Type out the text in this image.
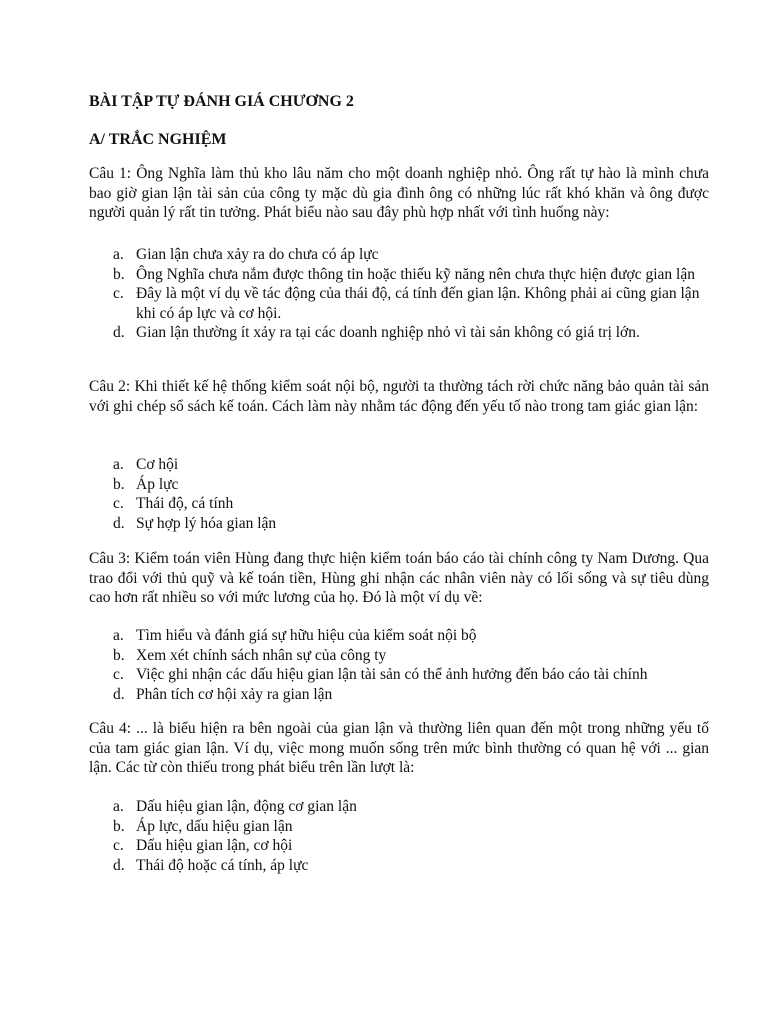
BÀI TẬP TỰ ĐÁNH GIÁ CHƯƠNG 2
A/ TRẮC NGHIỆM

Câu 1: Ông Nghĩa làm thủ kho lâu năm cho một doanh nghiệp nhỏ. Ông rất tự hào là mình chưa bao giờ gian lận tài sản của công ty mặc dù gia đình ông có những lúc rất khó khăn và ông được người quản lý rất tin tưởng. Phát biểu nào sau đây phù hợp nhất với tình huống này:

a. Gian lận chưa xảy ra do chưa có áp lực
b. Ông Nghĩa chưa nắm được thông tin hoặc thiếu kỹ năng nên chưa thực hiện được gian lận
c. Đây là một ví dụ về tác động của thái độ, cá tính đến gian lận. Không phải ai cũng gian lận khi có áp lực và cơ hội.
d. Gian lận thường ít xảy ra tại các doanh nghiệp nhỏ vì tài sản không có giá trị lớn.

Câu 2: Khi thiết kế hệ thống kiểm soát nội bộ, người ta thường tách rời chức năng bảo quản tài sản với ghi chép sổ sách kế toán. Cách làm này nhằm tác động đến yếu tố nào trong tam giác gian lận:

a. Cơ hội
b. Áp lực
c. Thái độ, cá tính
d. Sự hợp lý hóa gian lận

Câu 3: Kiểm toán viên Hùng đang thực hiện kiểm toán báo cáo tài chính công ty Nam Dương. Qua trao đổi với thủ quỹ và kế toán tiền, Hùng ghi nhận các nhân viên này có lối sống và sự tiêu dùng cao hơn rất nhiều so với mức lương của họ. Đó là một ví dụ về:

a. Tìm hiểu và đánh giá sự hữu hiệu của kiểm soát nội bộ
b. Xem xét chính sách nhân sự của công ty
c. Việc ghi nhận các dấu hiệu gian lận tài sản có thể ảnh hưởng đến báo cáo tài chính
d. Phân tích cơ hội xảy ra gian lận

Câu 4: ... là biểu hiện ra bên ngoài của gian lận và thường liên quan đến một trong những yếu tố của tam giác gian lận. Ví dụ, việc mong muốn sống trên mức bình thường có quan hệ với ... gian lận. Các từ còn thiếu trong phát biểu trên lần lượt là:

a. Dấu hiệu gian lận, động cơ gian lận
b. Áp lực, dấu hiệu gian lận
c. Dấu hiệu gian lận, cơ hội
d. Thái độ hoặc cá tính, áp lực
